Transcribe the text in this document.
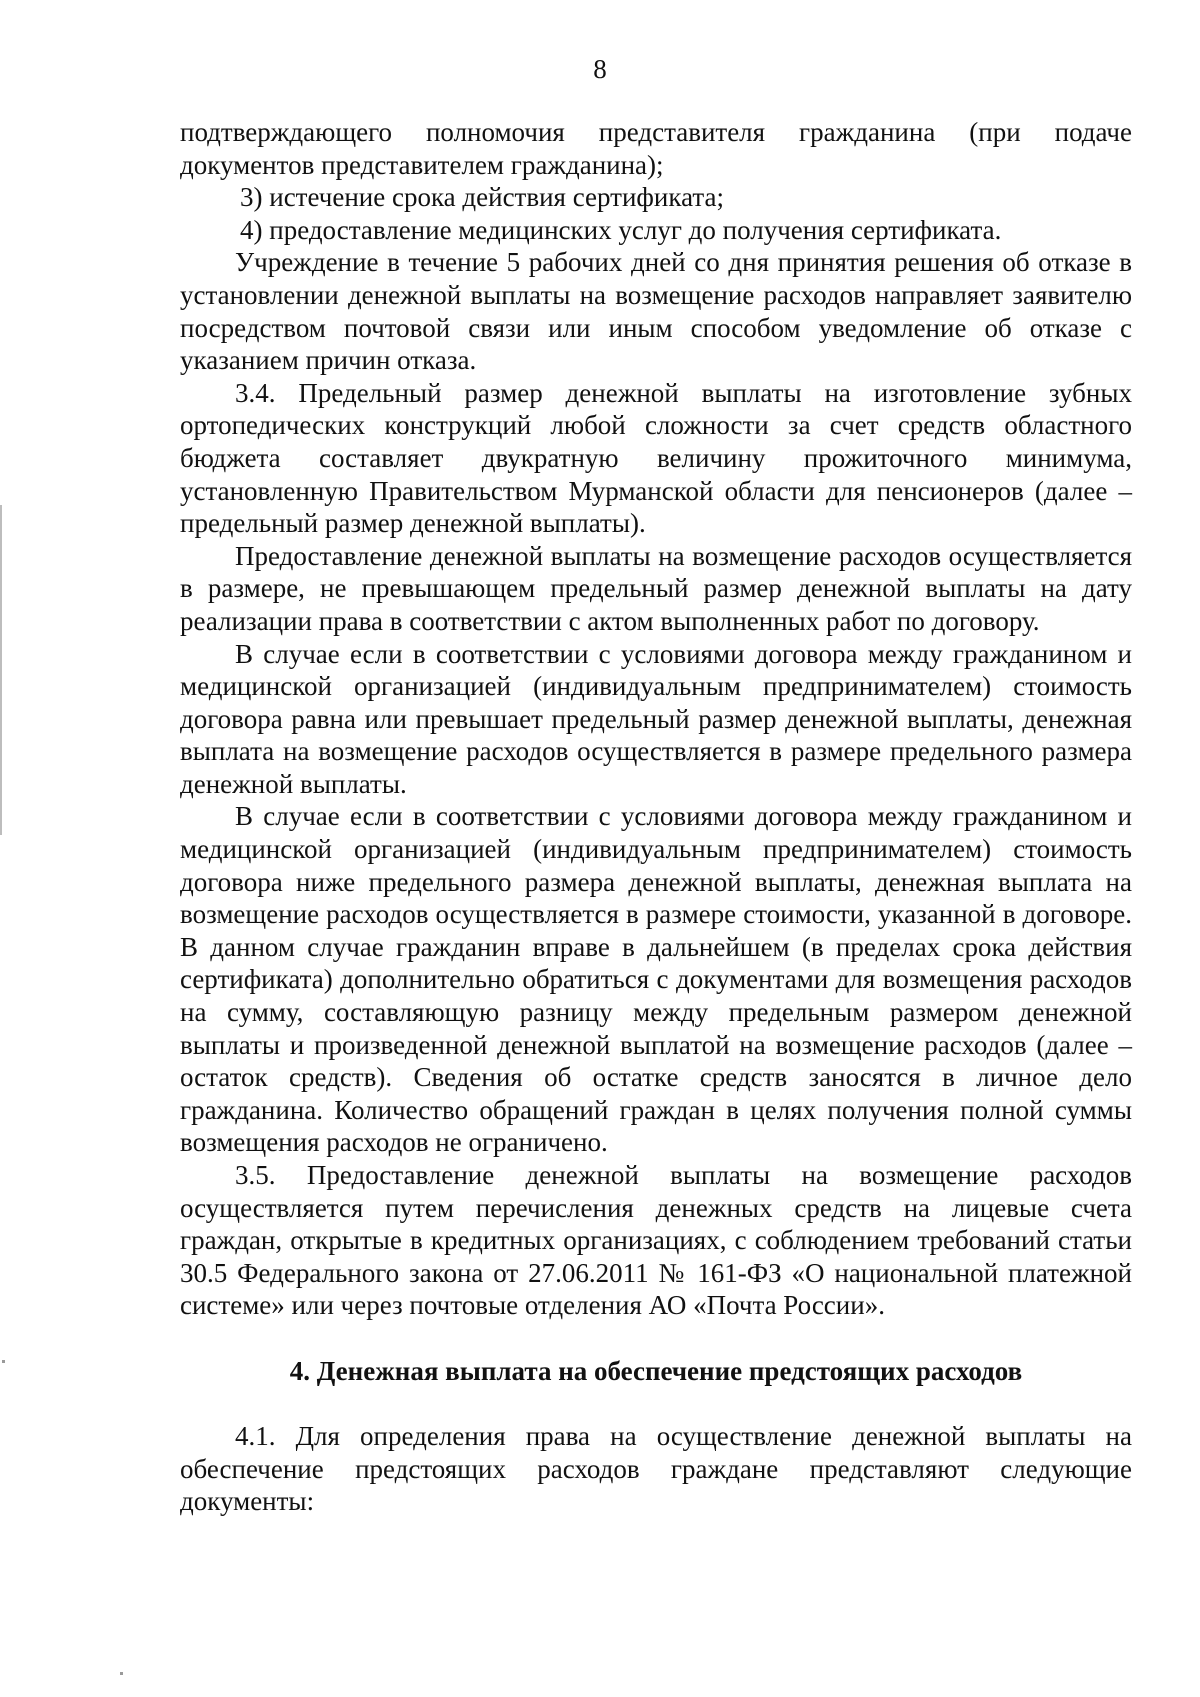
8

подтверждающего полномочия представителя гражданина (при подаче документов представителем гражданина);

3) истечение срока действия сертификата;

4) предоставление медицинских услуг до получения сертификата.

Учреждение в течение 5 рабочих дней со дня принятия решения об отказе в установлении денежной выплаты на возмещение расходов направляет заявителю посредством почтовой связи или иным способом уведомление об отказе с указанием причин отказа.

3.4. Предельный размер денежной выплаты на изготовление зубных ортопедических конструкций любой сложности за счет средств областного бюджета составляет двукратную величину прожиточного минимума, установленную Правительством Мурманской области для пенсионеров (далее – предельный размер денежной выплаты).

Предоставление денежной выплаты на возмещение расходов осуществляется в размере, не превышающем предельный размер денежной выплаты на дату реализации права в соответствии с актом выполненных работ по договору.

В случае если в соответствии с условиями договора между гражданином и медицинской организацией (индивидуальным предпринимателем) стоимость договора равна или превышает предельный размер денежной выплаты, денежная выплата на возмещение расходов осуществляется в размере предельного размера денежной выплаты.

В случае если в соответствии с условиями договора между гражданином и медицинской организацией (индивидуальным предпринимателем) стоимость договора ниже предельного размера денежной выплаты, денежная выплата на возмещение расходов осуществляется в размере стоимости, указанной в договоре. В данном случае гражданин вправе в дальнейшем (в пределах срока действия сертификата) дополнительно обратиться с документами для возмещения расходов на сумму, составляющую разницу между предельным размером денежной выплаты и произведенной денежной выплатой на возмещение расходов (далее – остаток средств). Сведения об остатке средств заносятся в личное дело гражданина. Количество обращений граждан в целях получения полной суммы возмещения расходов не ограничено.

3.5. Предоставление денежной выплаты на возмещение расходов осуществляется путем перечисления денежных средств на лицевые счета граждан, открытые в кредитных организациях, с соблюдением требований статьи 30.5 Федерального закона от 27.06.2011 № 161-ФЗ «О национальной платежной системе» или через почтовые отделения АО «Почта России».

4. Денежная выплата на обеспечение предстоящих расходов

4.1. Для определения права на осуществление денежной выплаты на обеспечение предстоящих расходов граждане представляют следующие документы:
